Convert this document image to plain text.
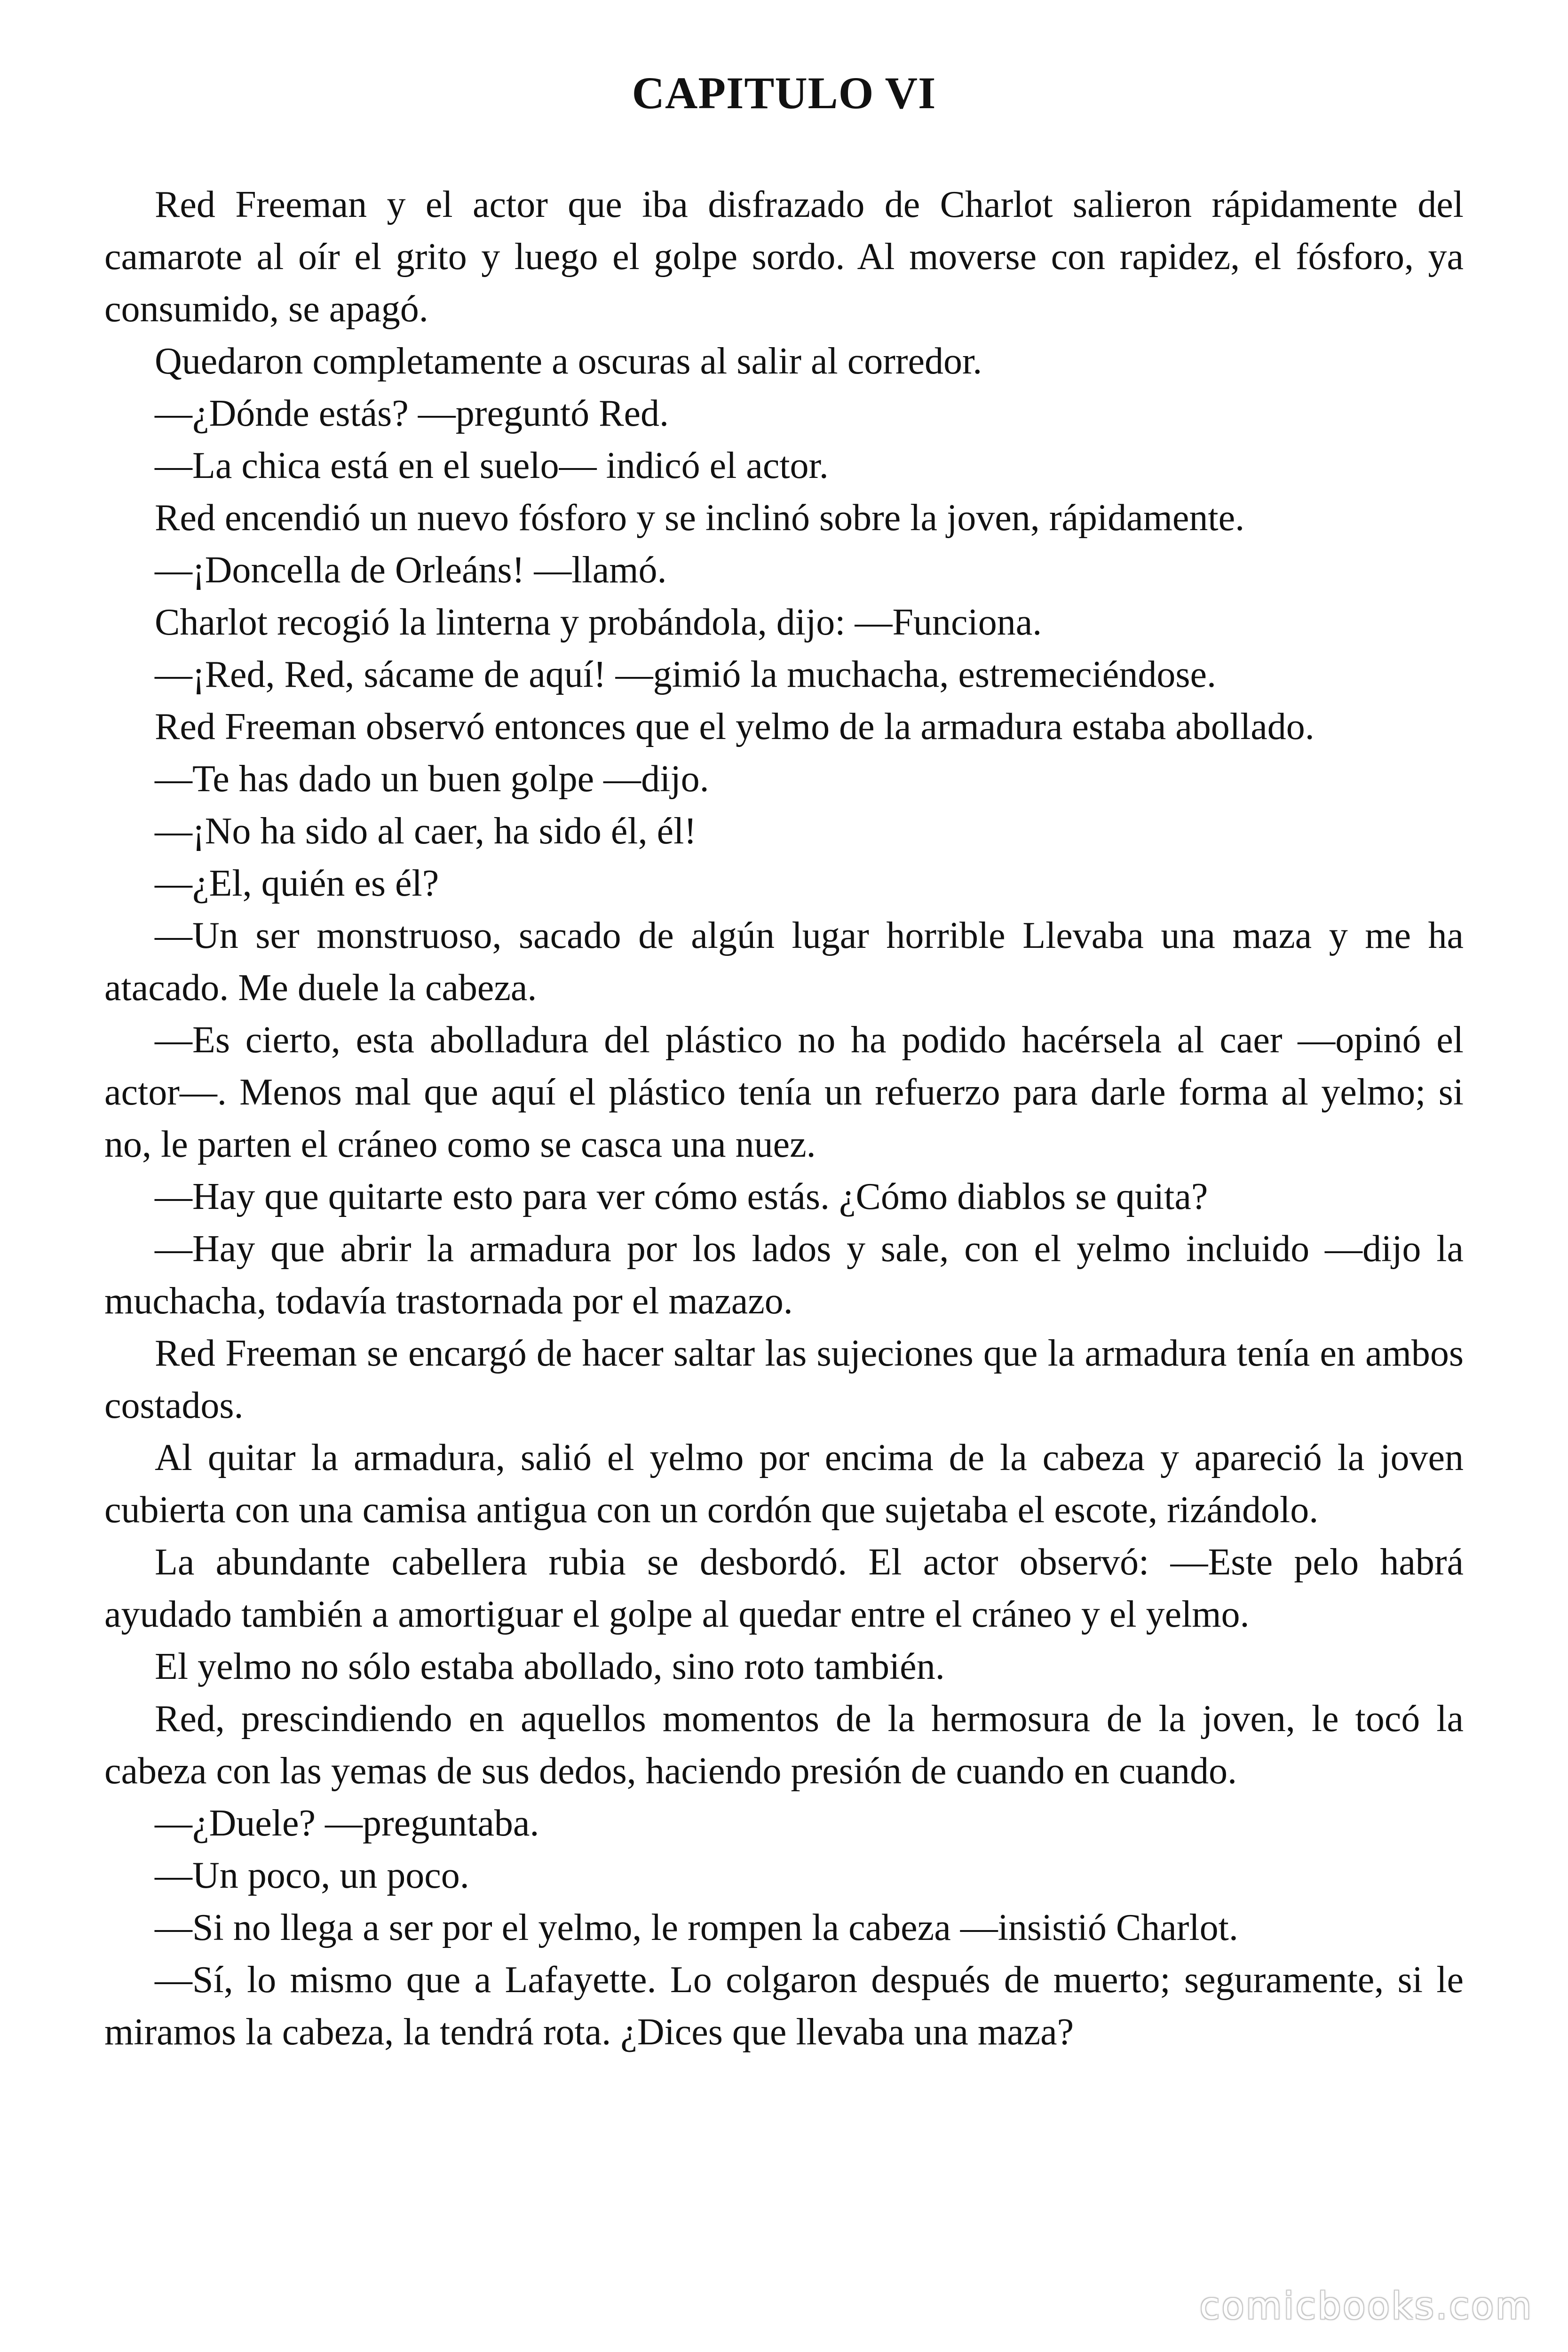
CAPITULO VI

Red Freeman y el actor que iba disfrazado de Charlot salieron rápidamente del camarote al oír el grito y luego el golpe sordo. Al moverse con rapidez, el fósforo, ya consumido, se apagó.

Quedaron completamente a oscuras al salir al corredor.

—¿Dónde estás? —preguntó Red.

—La chica está en el suelo— indicó el actor.

Red encendió un nuevo fósforo y se inclinó sobre la joven, rápidamente.

—¡Doncella de Orleáns! —llamó.

Charlot recogió la linterna y probándola, dijo: —Funciona.

—¡Red, Red, sácame de aquí! —gimió la muchacha, estremeciéndose.

Red Freeman observó entonces que el yelmo de la armadura estaba abollado.

—Te has dado un buen golpe —dijo.

—¡No ha sido al caer, ha sido él, él!

—¿El, quién es él?

—Un ser monstruoso, sacado de algún lugar horrible Llevaba una maza y me ha atacado. Me duele la cabeza.

—Es cierto, esta abolladura del plástico no ha podido hacérsela al caer —opinó el actor—. Menos mal que aquí el plástico tenía un refuerzo para darle forma al yelmo; si no, le parten el cráneo como se casca una nuez.

—Hay que quitarte esto para ver cómo estás. ¿Cómo diablos se quita?

—Hay que abrir la armadura por los lados y sale, con el yelmo incluido —dijo la muchacha, todavía trastornada por el mazazo.

Red Freeman se encargó de hacer saltar las sujeciones que la armadura tenía en ambos costados.

Al quitar la armadura, salió el yelmo por encima de la cabeza y apareció la joven cubierta con una camisa antigua con un cordón que sujetaba el escote, rizándolo.

La abundante cabellera rubia se desbordó. El actor observó: —Este pelo habrá ayudado también a amortiguar el golpe al quedar entre el cráneo y el yelmo.

El yelmo no sólo estaba abollado, sino roto también.

Red, prescindiendo en aquellos momentos de la hermosura de la joven, le tocó la cabeza con las yemas de sus dedos, haciendo presión de cuando en cuando.

—¿Duele? —preguntaba.

—Un poco, un poco.

—Si no llega a ser por el yelmo, le rompen la cabeza —insistió Charlot.

—Sí, lo mismo que a Lafayette. Lo colgaron después de muerto; seguramente, si le miramos la cabeza, la tendrá rota. ¿Dices que llevaba una maza?

comicbooks.com
